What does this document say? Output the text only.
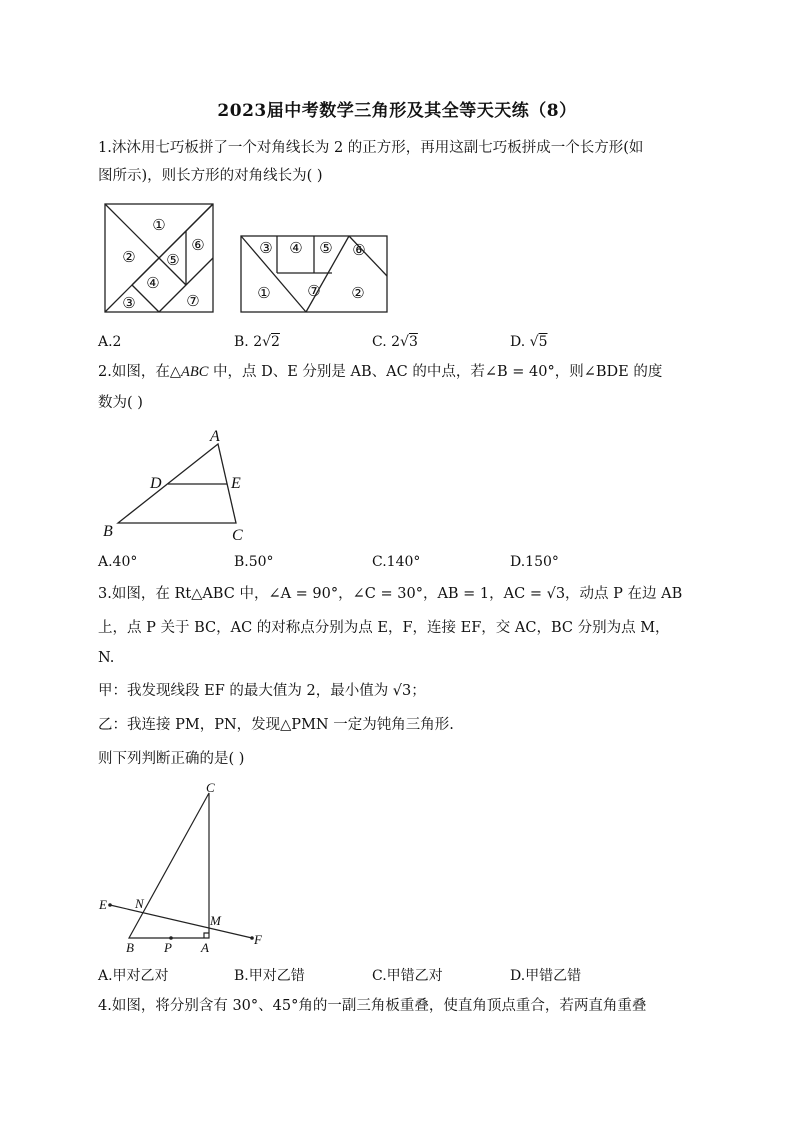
2023届中考数学三角形及其全等天天练（8）
1.沐沐用七巧板拼了一个对角线长为 2 的正方形，再用这副七巧板拼成一个长方形(如
图所示)，则长方形的对角线长为( )
①
②
③
④
⑤
⑥
⑦
③ ④ ⑤ ⑥
① ⑦ ②
A.2	B. 2√2	C. 2√3	D. √5
2.如图，在△ABC 中，点 D、E 分别是 AB、AC 的中点，若∠B = 40°，则∠BDE 的度
数为( )
A
D	E
B	C
A.40°	B.50°	C.140°	D.150°
3.如图，在 Rt△ABC 中，∠A = 90°，∠C = 30°，AB = 1，AC = √3，动点 P 在边 AB
上，点 P 关于 BC，AC 的对称点分别为点 E，F，连接 EF，交 AC，BC 分别为点 M，
N.
甲：我发现线段 EF 的最大值为 2，最小值为 √3；
乙：我连接 PM，PN，发现△PMN 一定为钝角三角形.
则下列判断正确的是( )
C
E N
M
B P A
F
A.甲对乙对	B.甲对乙错	C.甲错乙对	D.甲错乙错
4.如图，将分别含有 30°、45°角的一副三角板重叠，使直角顶点重合，若两直角重叠
